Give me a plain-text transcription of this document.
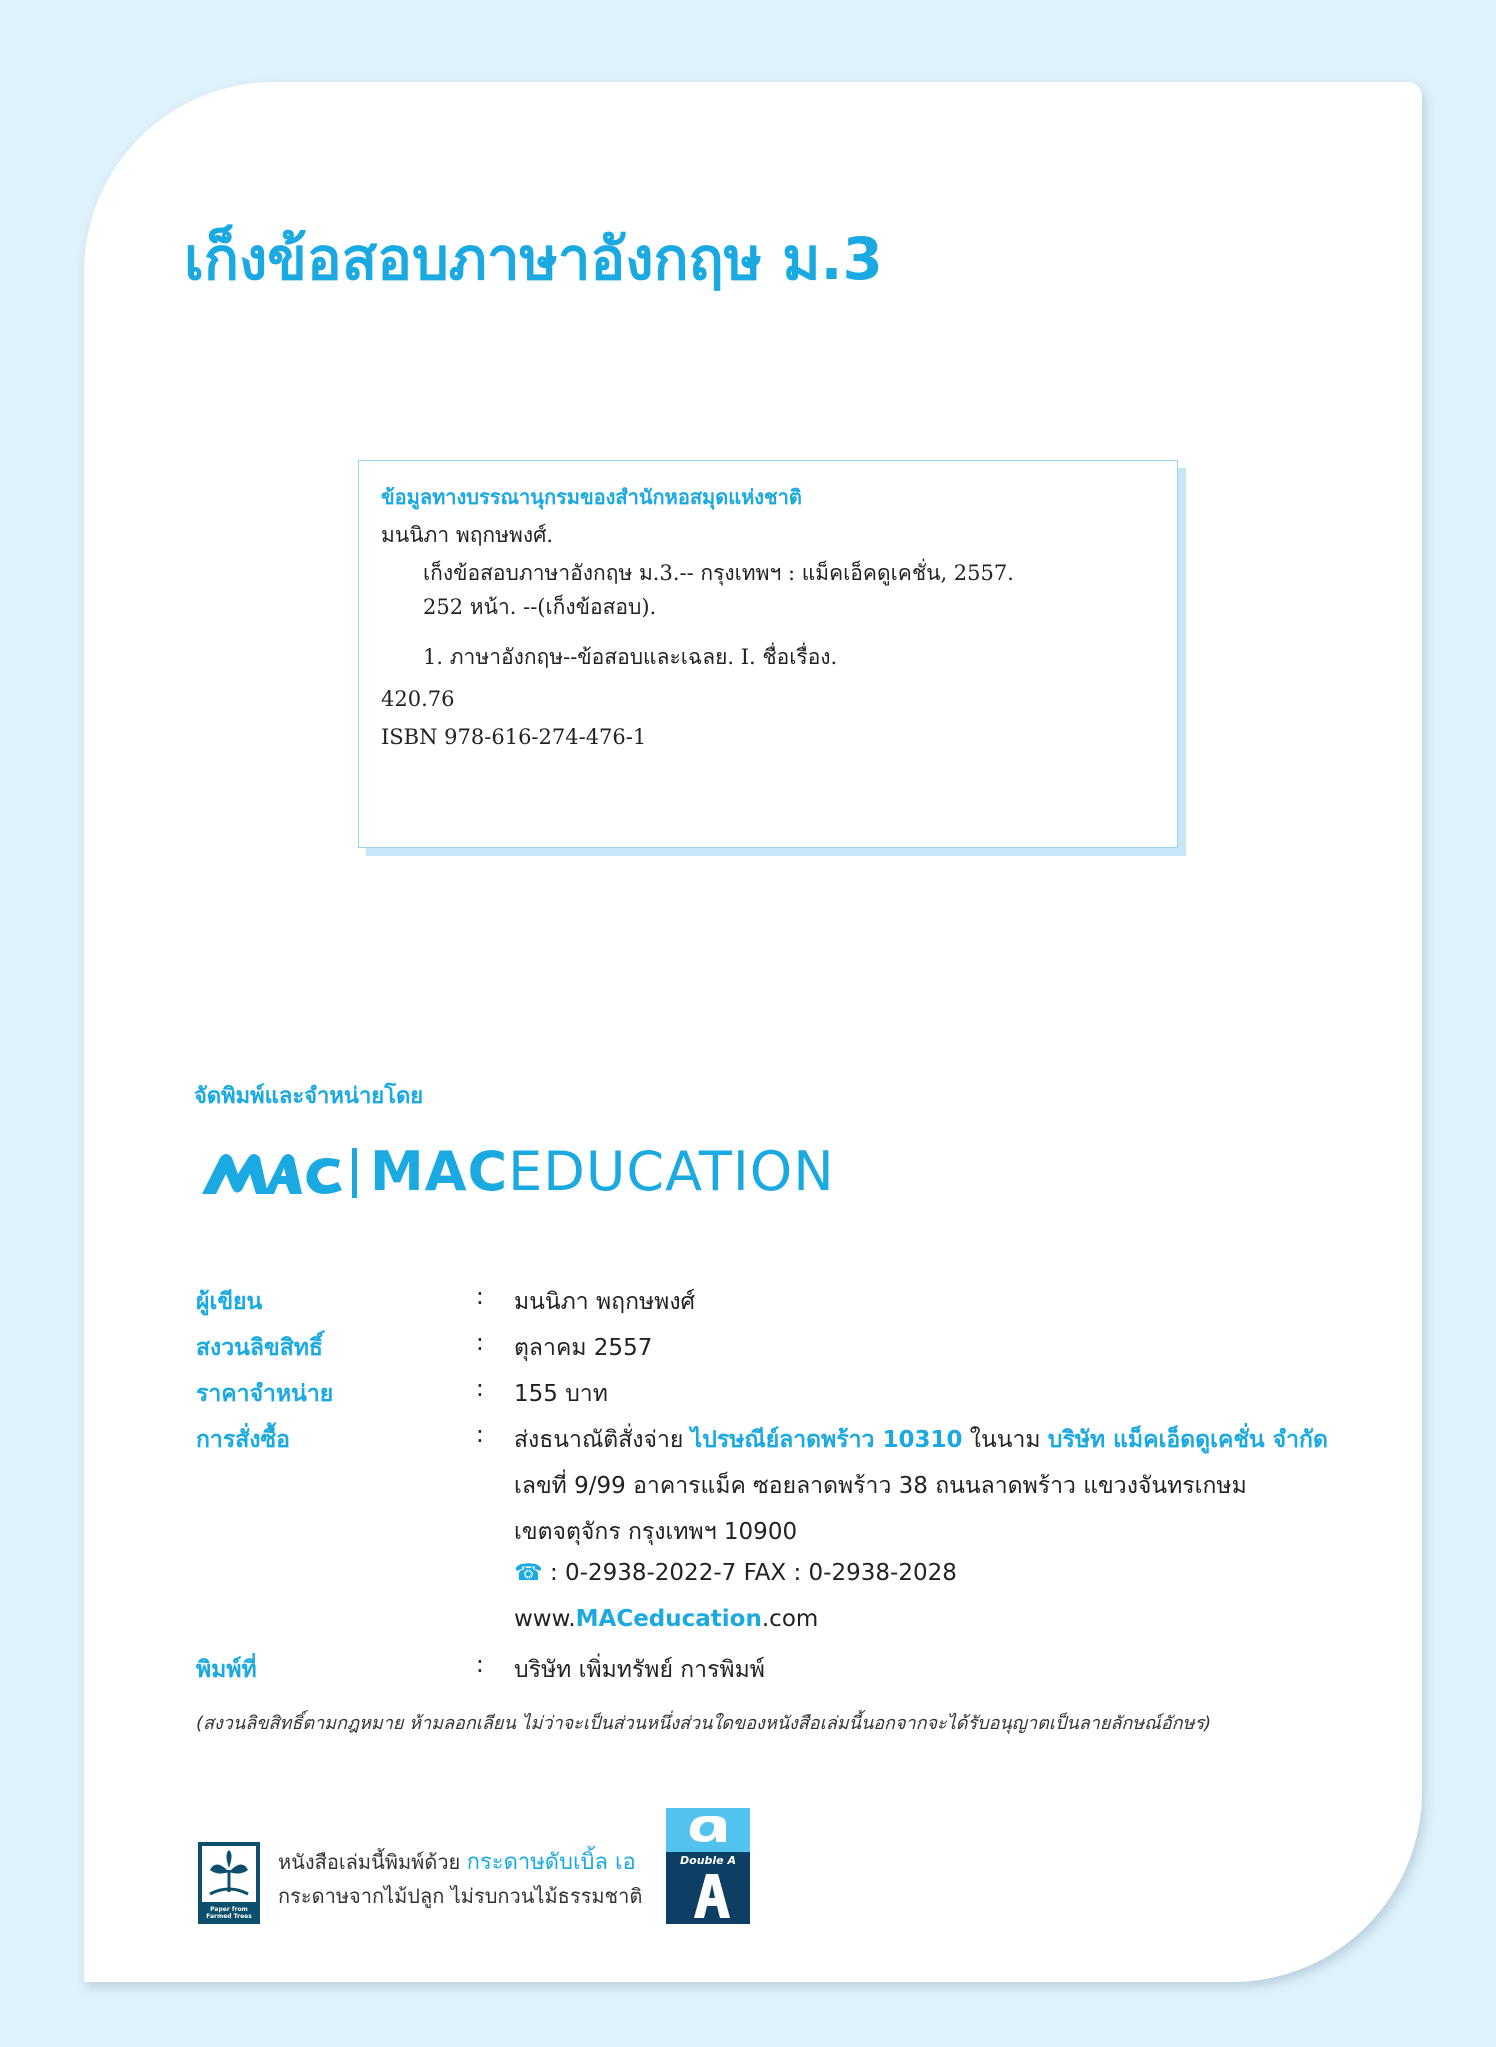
เก็งข้อสอบภาษาอังกฤษ ม.3
ข้อมูลทางบรรณานุกรมของสำนักหอสมุดแห่งชาติ
มนนิภา พฤกษพงศ์.
เก็งข้อสอบภาษาอังกฤษ ม.3.-- กรุงเทพฯ : แม็คเอ็คดูเคชั่น, 2557.
252 หน้า. --(เก็งข้อสอบ).
1. ภาษาอังกฤษ--ข้อสอบและเฉลย. I. ชื่อเรื่อง.
420.76
ISBN 978-616-274-476-1
จัดพิมพ์และจำหน่ายโดย
MACEDUCATION
ผู้เขียน	: มนนิภา พฤกษพงศ์
สงวนลิขสิทธิ์	: ตุลาคม 2557
ราคาจำหน่าย	: 155 บาท
การสั่งซื้อ	: ส่งธนาณัติสั่งจ่าย ไปรษณีย์ลาดพร้าว 10310 ในนาม บริษัท แม็คเอ็ดดูเคชั่น จำกัด
เลขที่ 9/99 อาคารแม็ค ซอยลาดพร้าว 38 ถนนลาดพร้าว แขวงจันทรเกษม
เขตจตุจักร กรุงเทพฯ 10900
☎ : 0-2938-2022-7 FAX : 0-2938-2028
www.MACeducation.com
พิมพ์ที่	: บริษัท เพิ่มทรัพย์ การพิมพ์
(สงวนลิขสิทธิ์ตามกฎหมาย ห้ามลอกเลียน ไม่ว่าจะเป็นส่วนหนึ่งส่วนใดของหนังสือเล่มนี้นอกจากจะได้รับอนุญาตเป็นลายลักษณ์อักษร)
Paper from Farmed Trees
หนังสือเล่มนี้พิมพ์ด้วย กระดาษดับเบิ้ล เอ
กระดาษจากไม้ปลูก ไม่รบกวนไม้ธรรมชาติ
Double A
